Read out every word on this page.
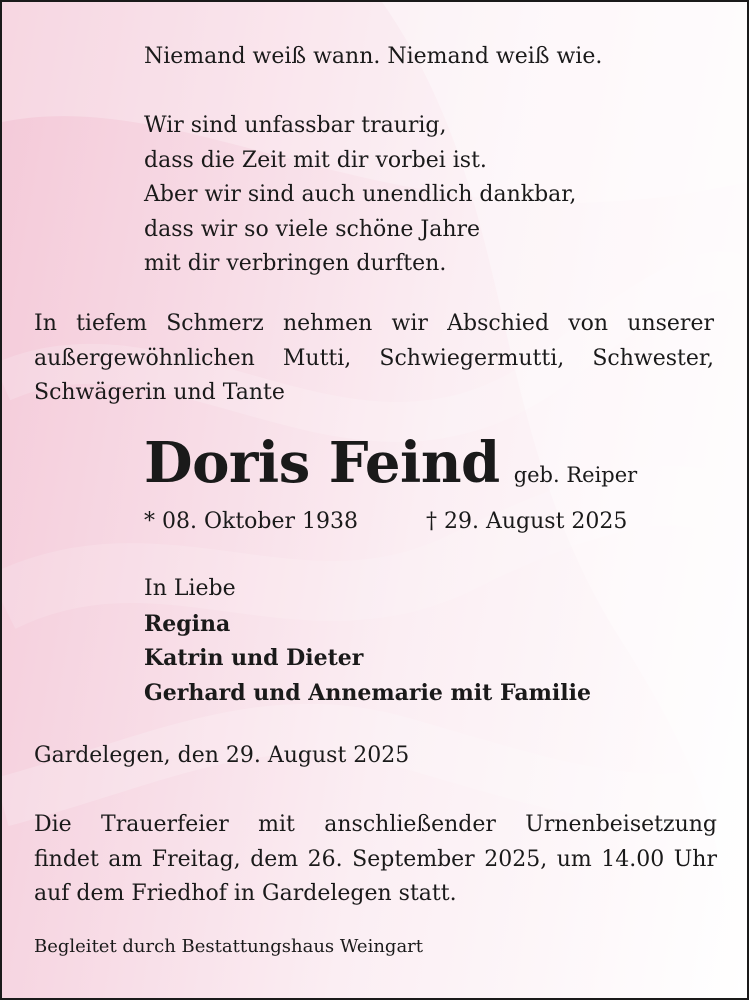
Niemand weiß wann. Niemand weiß wie.

Wir sind unfassbar traurig,
dass die Zeit mit dir vorbei ist.
Aber wir sind auch unendlich dankbar,
dass wir so viele schöne Jahre
mit dir verbringen durften.

In tiefem Schmerz nehmen wir Abschied von unserer
außergewöhnlichen Mutti, Schwiegermutti, Schwester,
Schwägerin und Tante

Doris Feind geb. Reiper
* 08. Oktober 1938	† 29. August 2025

In Liebe
Regina
Katrin und Dieter
Gerhard und Annemarie mit Familie

Gardelegen, den 29. August 2025

Die Trauerfeier mit anschließender Urnenbeisetzung
findet am Freitag, dem 26. September 2025, um 14.00 Uhr
auf dem Friedhof in Gardelegen statt.

Begleitet durch Bestattungshaus Weingart
